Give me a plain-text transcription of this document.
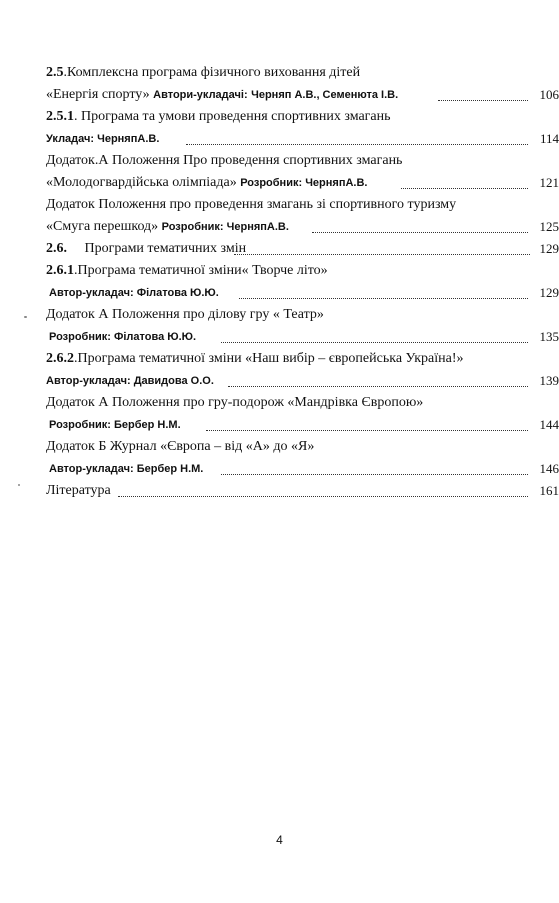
2.5.Комплексна програма фізичного виховання дітей
«Енергія спорту» Автори-укладачі: Черняп А.В., Семенюта І.В.	106
2.5.1. Програма та умови проведення спортивних змагань
Укладач: ЧерняпА.В.	114
Додаток.А Положення Про проведення спортивних змагань
«Молодогвардійська олімпіада» Розробник: ЧерняпА.В.	121
Додаток Положення про проведення змагань зі спортивного туризму
«Смуга перешкод» Розробник: ЧерняпА.В.	125
2.6. Програми тематичних змін	129
2.6.1.Програма тематичної зміни« Творче літо»
Автор-укладач: Філатова Ю.Ю.	129
Додаток А Положення про ділову гру « Театр»
Розробник: Філатова Ю.Ю.	135
2.6.2.Програма тематичної зміни «Наш вибір – європейська Україна!»
Автор-укладач: Давидова О.О.	139
Додаток А Положення про гру-подорож «Мандрівка Європою»
Розробник: Бербер Н.М.	144
Додаток Б Журнал «Європа – від «А» до «Я»
Автор-укладач: Бербер Н.М.	146
Література	161
4
